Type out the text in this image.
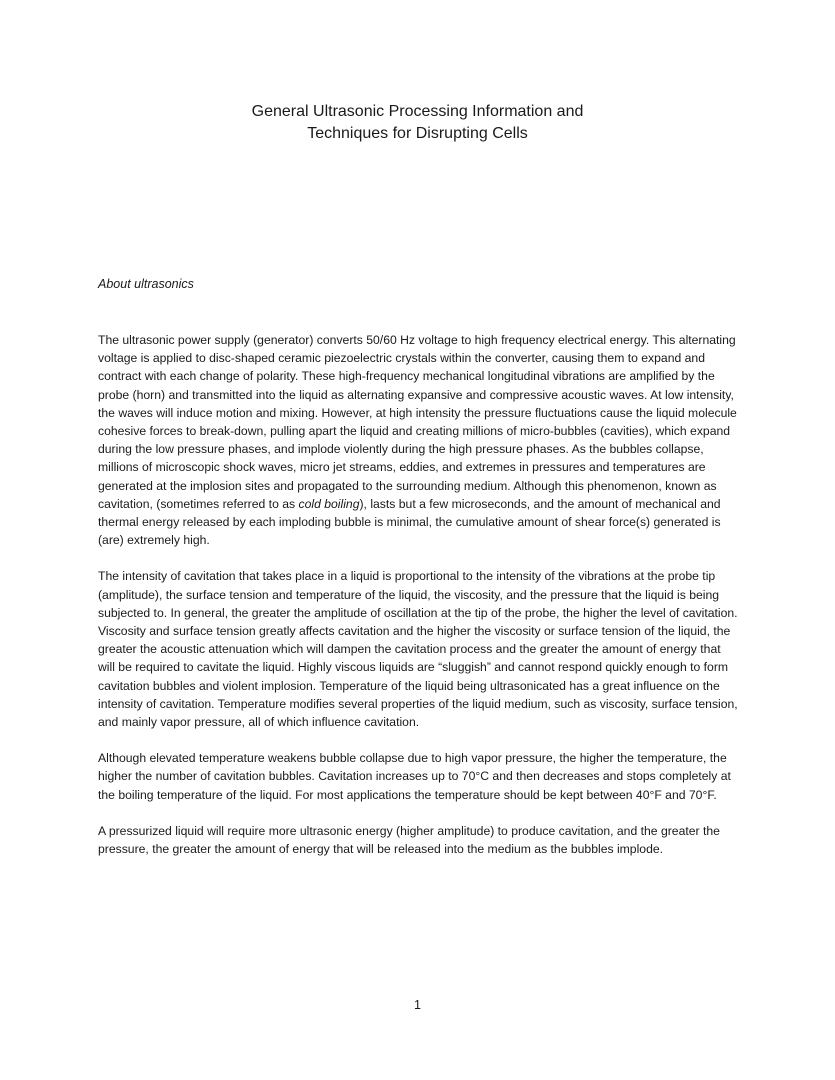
General Ultrasonic Processing Information and
Techniques for Disrupting Cells
About ultrasonics

The ultrasonic power supply (generator) converts 50/60 Hz voltage to high frequency electrical energy. This alternating voltage is applied to disc-shaped ceramic piezoelectric crystals within the converter, causing them to expand and contract with each change of polarity. These high-frequency mechanical longitudinal vibrations are amplified by the probe (horn) and transmitted into the liquid as alternating expansive and compressive acoustic waves. At low intensity, the waves will induce motion and mixing. However, at high intensity the pressure fluctuations cause the liquid molecule cohesive forces to break-down, pulling apart the liquid and creating millions of micro-bubbles (cavities), which expand during the low pressure phases, and implode violently during the high pressure phases. As the bubbles collapse, millions of microscopic shock waves, micro jet streams, eddies, and extremes in pressures and temperatures are generated at the implosion sites and propagated to the surrounding medium. Although this phenomenon, known as cavitation, (sometimes referred to as cold boiling), lasts but a few microseconds, and the amount of mechanical and thermal energy released by each imploding bubble is minimal, the cumulative amount of shear force(s) generated is (are) extremely high.

The intensity of cavitation that takes place in a liquid is proportional to the intensity of the vibrations at the probe tip (amplitude), the surface tension and temperature of the liquid, the viscosity, and the pressure that the liquid is being subjected to. In general, the greater the amplitude of oscillation at the tip of the probe, the higher the level of cavitation. Viscosity and surface tension greatly affects cavitation and the higher the viscosity or surface tension of the liquid, the greater the acoustic attenuation which will dampen the cavitation process and the greater the amount of energy that will be required to cavitate the liquid. Highly viscous liquids are “sluggish” and cannot respond quickly enough to form cavitation bubbles and violent implosion. Temperature of the liquid being ultrasonicated has a great influence on the intensity of cavitation. Temperature modifies several properties of the liquid medium, such as viscosity, surface tension, and mainly vapor pressure, all of which influence cavitation.

Although elevated temperature weakens bubble collapse due to high vapor pressure, the higher the temperature, the higher the number of cavitation bubbles. Cavitation increases up to 70°C and then decreases and stops completely at the boiling temperature of the liquid. For most applications the temperature should be kept between 40°F and 70°F.

A pressurized liquid will require more ultrasonic energy (higher amplitude) to produce cavitation, and the greater the pressure, the greater the amount of energy that will be released into the medium as the bubbles implode.

1
